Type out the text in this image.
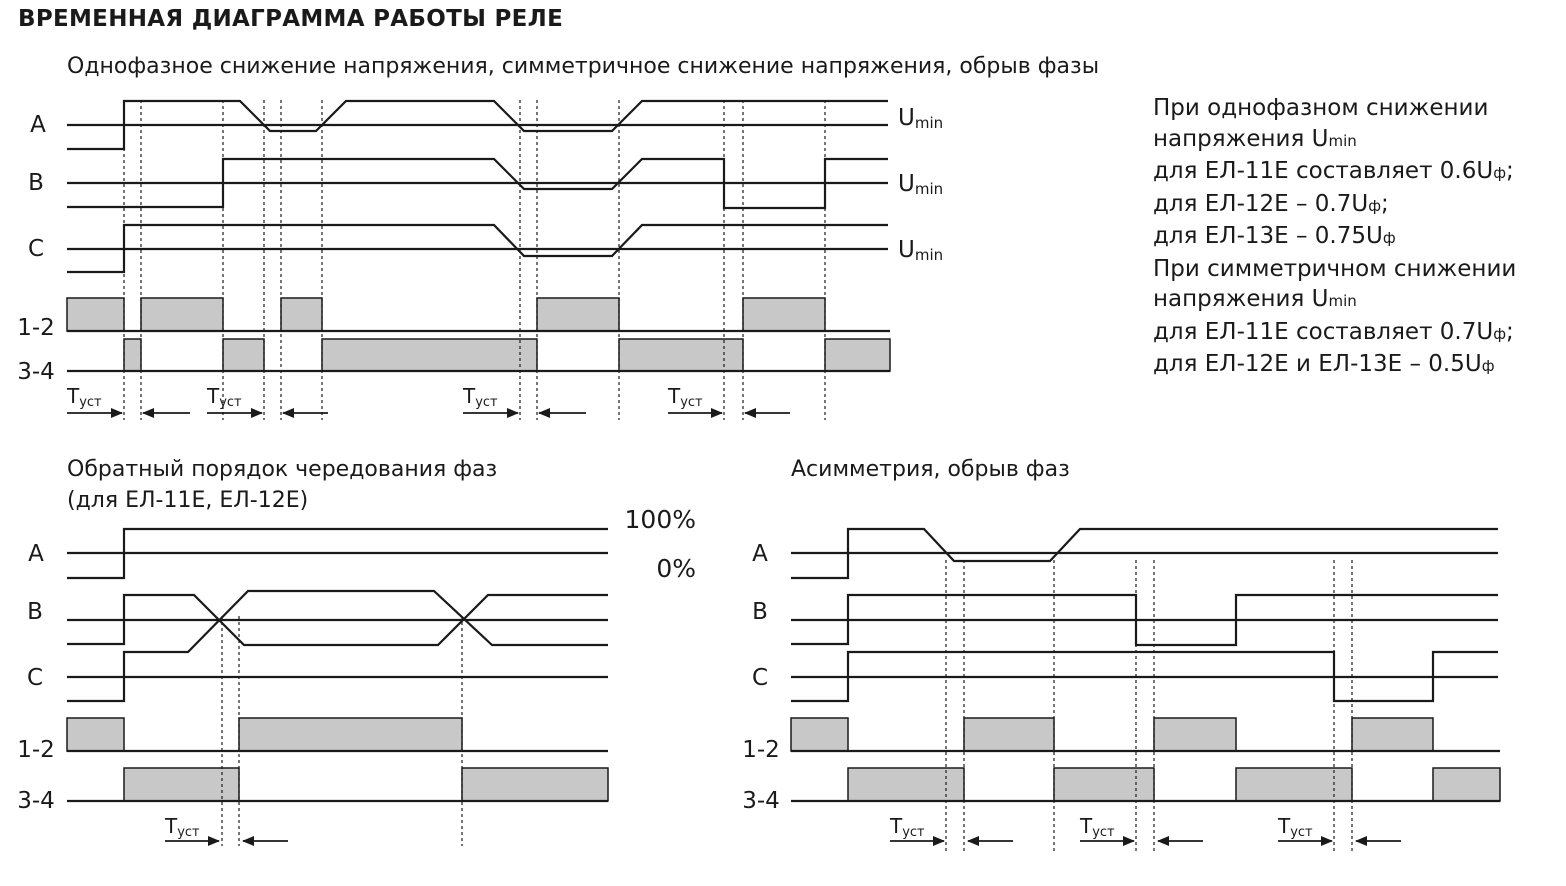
ВРЕМЕННАЯ ДИАГРАММА РАБОТЫ РЕЛЕ
Однофазное снижение напряжения, симметричное снижение напряжения, обрыв фазы
Обратный порядок чередования фаз
(для ЕЛ-11Е, ЕЛ-12Е)
Асимметрия, обрыв фаз
При однофазном снижении
напряжения Umin
для ЕЛ-11Е составляет 0.6Uф;
для ЕЛ-12Е – 0.7Uф;
для ЕЛ-13Е – 0.75Uф
При симметричном снижении
напряжения Umin
для ЕЛ-11Е составляет 0.7Uф;
для ЕЛ-12Е и ЕЛ-13Е – 0.5Uф
A
B
C
1-2
3-4
Umin
Umin
Umin
Tуст	Tуст	Tуст	Tуст
A
B
C
1-2
3-4
100%
0%
Tуст
A
B
C
1-2
3-4
Tуст	Tуст	Tуст
